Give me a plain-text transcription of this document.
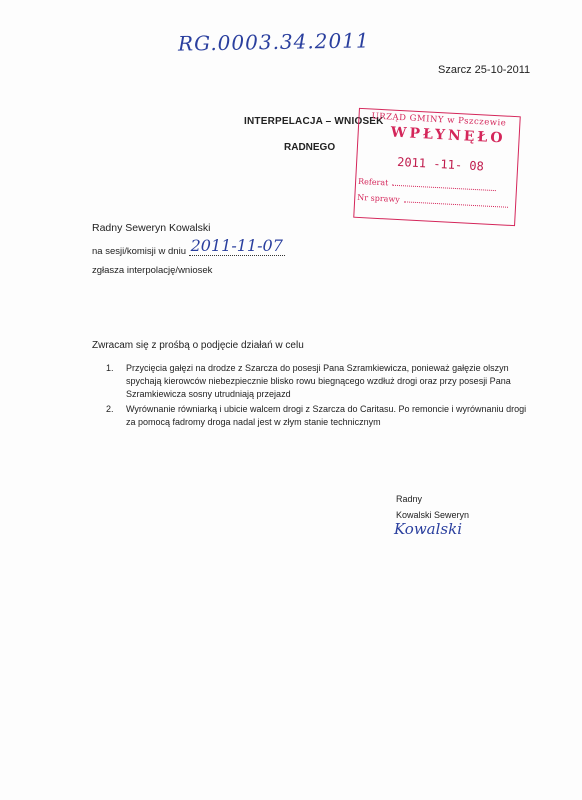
RG.0003.34.2011
Szarcz 25-10-2011
INTERPELACJA – WNIOSEK
RADNEGO
URZĄD GMINY w Pszczewie
WPŁYNĘŁO
2011 -11- 08
Referat
Nr sprawy
Radny Seweryn Kowalski
na sesji/komisji w dniu 2011-11-07
zgłasza interpolację/wniosek
Zwracam się z prośbą o podjęcie działań w celu
1. Przycięcia gałęzi na drodze z Szarcza do posesji Pana Szramkiewicza, ponieważ gałęzie olszyn spychają kierowców niebezpiecznie blisko rowu biegnącego wzdłuż drogi oraz przy posesji Pana Szramkiewicza sosny utrudniają przejazd
2. Wyrównanie równiarką i ubicie walcem drogi z Szarcza do Caritasu. Po remoncie i wyrównaniu drogi za pomocą fadromy droga nadal jest w złym stanie technicznym
Radny
Kowalski Seweryn
Kowalski
